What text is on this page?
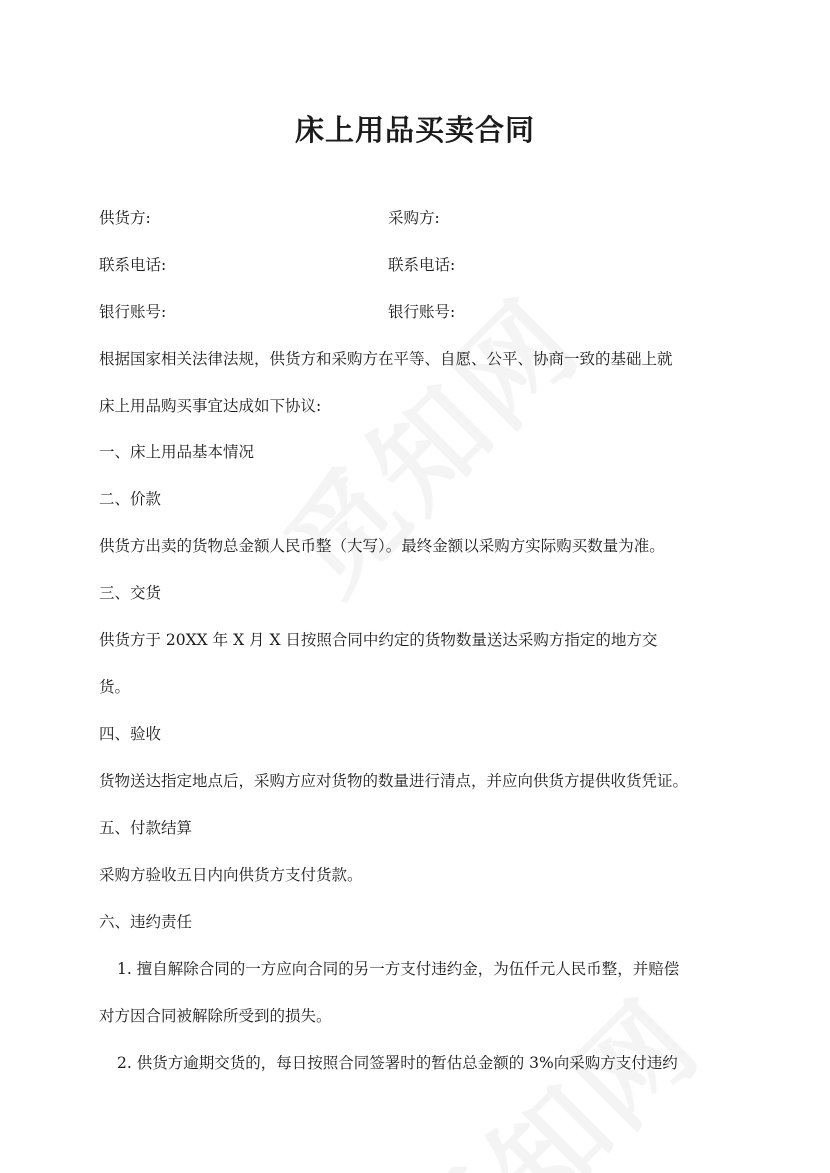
床上用品买卖合同
供货方:	采购方:
联系电话:	联系电话:
银行账号:	银行账号:
根据国家相关法律法规，供货方和采购方在平等、自愿、公平、协商一致的基础上就
床上用品购买事宜达成如下协议:
一、床上用品基本情况
二、价款
供货方出卖的货物总金额人民币整（大写）。最终金额以采购方实际购买数量为准。
三、交货
供货方于 20XX 年 X 月 X 日按照合同中约定的货物数量送达采购方指定的地方交
货。
四、验收
货物送达指定地点后，采购方应对货物的数量进行清点，并应向供货方提供收货凭证。
五、付款结算
采购方验收五日内向供货方支付货款。
六、违约责任
1. 擅自解除合同的一方应向合同的另一方支付违约金，为伍仟元人民币整，并赔偿
对方因合同被解除所受到的损失。
2. 供货方逾期交货的，每日按照合同签署时的暂估总金额的 3%向采购方支付违约
